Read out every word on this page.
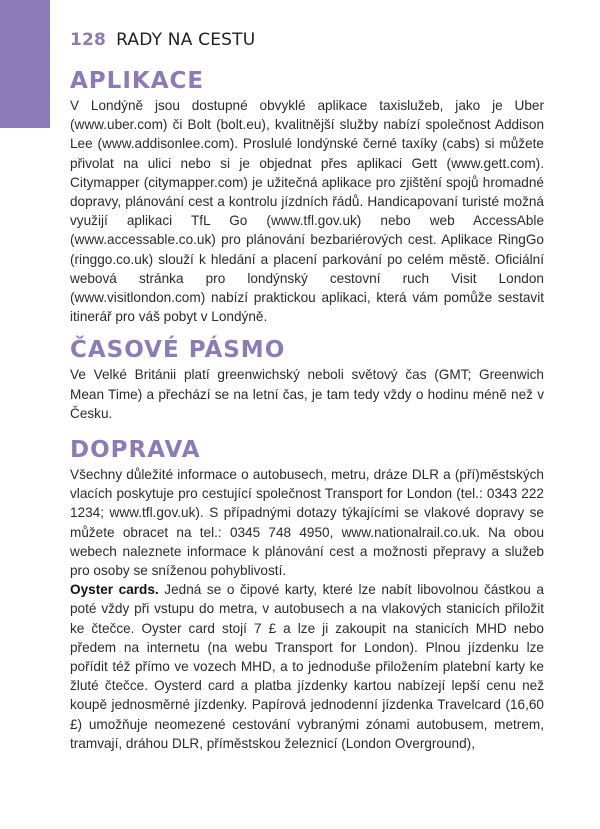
128 RADY NA CESTU
APLIKACE

V Londýně jsou dostupné obvyklé aplikace taxislužeb, jako je Uber (www.uber.com) či Bolt (bolt.eu), kvalitnější služby nabízí společnost Addison Lee (www.addisonlee.com). Proslulé londýnské černé taxíky (cabs) si můžete přivolat na ulici nebo si je objednat přes aplikaci Gett (www.gett.com). Citymapper (citymapper.com) je užitečná aplikace pro zjištění spojů hromadné dopravy, plánování cest a kontrolu jízdních řádů. Handicapovaní turisté možná využijí aplikaci TfL Go (www.tfl.gov.uk) nebo web AccessAble (www.accessable.co.uk) pro plánování bezbariérových cest. Aplikace RingGo (ringgo.co.uk) slouží k hledání a placení parkování po celém městě. Oficiální webová stránka pro londýnský cestovní ruch Visit London (www.visitlondon.com) nabízí praktickou aplikaci, která vám pomůže sestavit itinerář pro váš pobyt v Londýně.

ČASOVÉ PÁSMO

Ve Velké Británii platí greenwichský neboli světový čas (GMT; Greenwich Mean Time) a přechází se na letní čas, je tam tedy vždy o hodinu méně než v Česku.

DOPRAVA

Všechny důležité informace o autobusech, metru, dráze DLR a (pří)městských vlacích poskytuje pro cestující společnost Transport for London (tel.: 0343 222 1234; www.tfl.gov.uk). S případnými dotazy týkajícími se vlakové dopravy se můžete obracet na tel.: 0345 748 4950, www.nationalrail.co.uk. Na obou webech naleznete informace k plánování cest a možnosti přepravy a služeb pro osoby se sníženou pohyblivostí.

Oyster cards. Jedná se o čipové karty, které lze nabít libovolnou částkou a poté vždy při vstupu do metra, v autobusech a na vlakových stanicích přiložit ke čtečce. Oyster card stojí 7 £ a lze ji zakoupit na stanicích MHD nebo předem na internetu (na webu Transport for London). Plnou jízdenku lze pořídit též přímo ve vozech MHD, a to jednoduše přiložením platební karty ke žluté čtečce. Oysterd card a platba jízdenky kartou nabízejí lepší cenu než koupě jednosměrné jízdenky. Papírová jednodenní jízdenka Travelcard (16,60 £) umožňuje neomezené cestování vybranými zónami autobusem, metrem, tramvají, dráhou DLR, příměstskou železnicí (London Overground),
